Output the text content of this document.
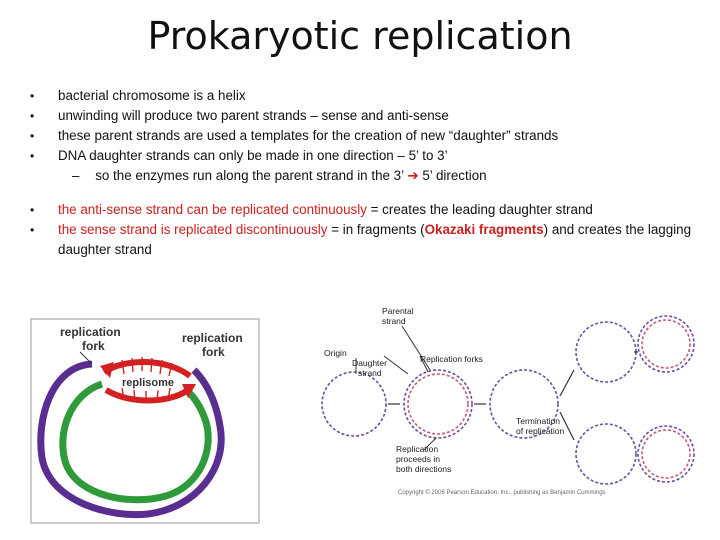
Prokaryotic replication
• bacterial chromosome is a helix
• unwinding will produce two parent strands – sense and anti-sense
• these parent strands are used a templates for the creation of new “daughter” strands
• DNA daughter strands can only be made in one direction – 5’ to 3’
– so the enzymes run along the parent strand in the 3’ ➔ 5’ direction
• the anti-sense strand can be replicated continuously = creates the leading daughter strand
• the sense strand is replicated discontinuously = in fragments (Okazaki fragments) and creates the lagging daughter strand
replisome
replication
fork
replication
fork	Origin
Parental
strand
Daughter
strand
Replication forks
Replication
proceeds in
both directions
Termination
of replication
Copyright © 2006 Pearson Education, Inc., publishing as Benjamin Cummings
